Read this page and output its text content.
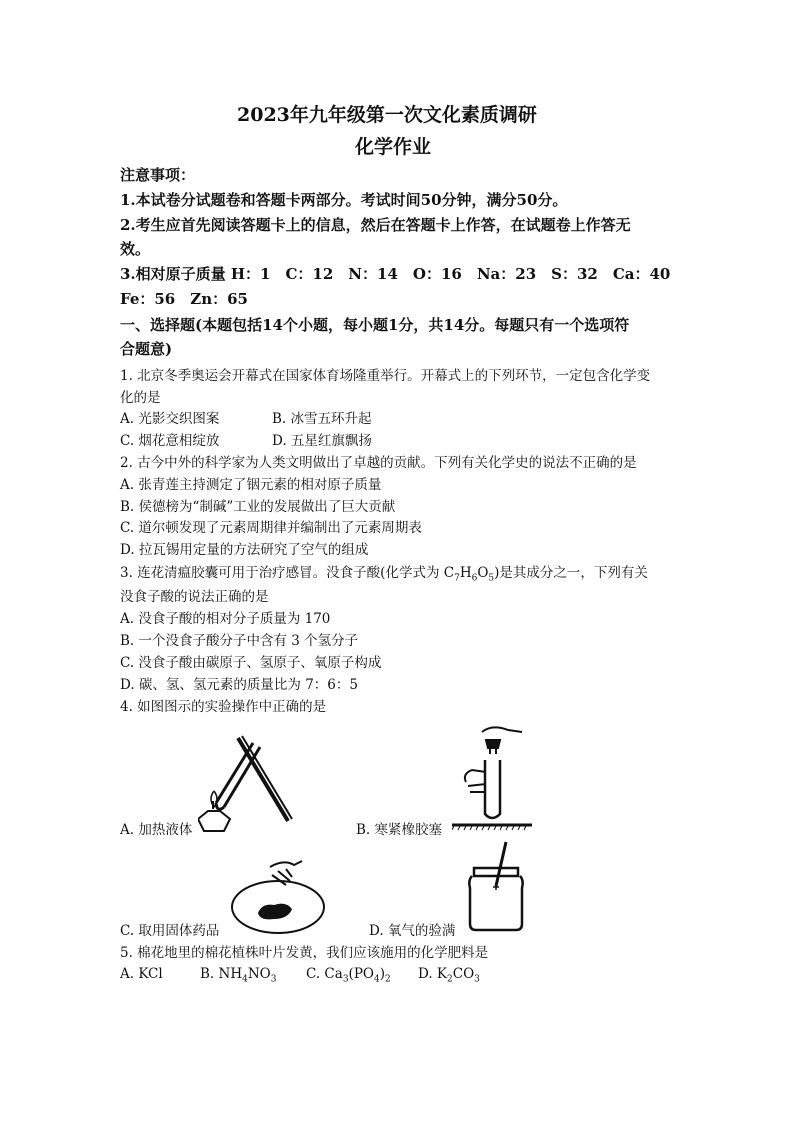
2023年九年级第一次文化素质调研
化学作业
注意事项：
1.本试卷分试题卷和答题卡两部分。考试时间50分钟，满分50分。
2.考生应首先阅读答题卡上的信息，然后在答题卡上作答，在试题卷上作答无
效。
3.相对原子质量 H：1　C：12　N：14　O：16　Na：23　S：32　Ca：40
Fe：56　Zn：65
一、选择题(本题包括14个小题，每小题1分，共14分。每题只有一个选项符
合题意)
1. 北京冬季奥运会开幕式在国家体育场隆重举行。开幕式上的下列环节，一定包含化学变
化的是
A. 光影交织图案	B. 冰雪五环升起
C. 烟花意相绽放	D. 五星红旗飘扬
2. 古今中外的科学家为人类文明做出了卓越的贡献。下列有关化学史的说法不正确的是
A. 张青莲主持测定了铟元素的相对原子质量
B. 侯德榜为“制碱”工业的发展做出了巨大贡献
C. 道尔顿发现了元素周期律并编制出了元素周期表
D. 拉瓦锡用定量的方法研究了空气的组成
3. 连花清瘟胶囊可用于治疗感冒。没食子酸(化学式为 $C_7H_6O_5$)是其成分之一，下列有关
没食子酸的说法正确的是
A. 没食子酸的相对分子质量为 170
B. 一个没食子酸分子中含有 3 个氢分子
C. 没食子酸由碳原子、氢原子、氧原子构成
D. 碳、氢、氢元素的质量比为 7：6：5
4. 如图图示的实验操作中正确的是
A. 加热液体	B. 寒紧橡胶塞
C. 取用固体药品	D. 氧气的验满
5. 棉花地里的棉花植株叶片发黄，我们应该施用的化学肥料是
A. KCl	B. $NH_4NO_3$ C. $Ca_3(PO_4)_2$ D. $K_2CO_3$
